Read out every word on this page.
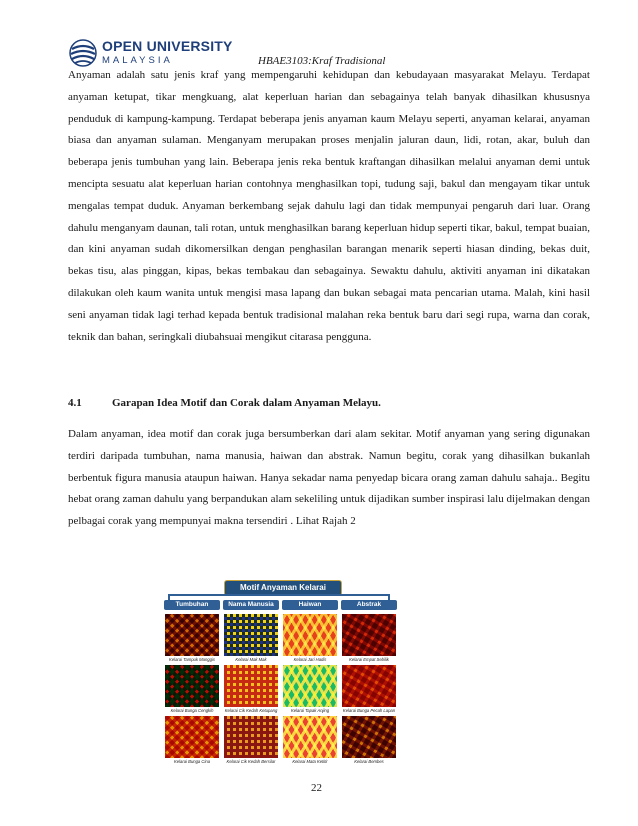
OPEN UNIVERSITY
MALAYSIA	HBAE3103:Kraf Tradisional

Anyaman adalah satu jenis kraf yang mempengaruhi kehidupan dan kebudayaan masyarakat Melayu. Terdapat anyaman ketupat, tikar mengkuang, alat keperluan harian dan sebagainya telah banyak dihasilkan khususnya penduduk di kampung-kampung. Terdapat beberapa jenis anyaman kaum Melayu seperti, anyaman kelarai, anyaman biasa dan anyaman sulaman. Menganyam merupakan proses menjalin jaluran daun, lidi, rotan, akar, buluh dan beberapa jenis tumbuhan yang lain. Beberapa jenis reka bentuk kraftangan dihasilkan melalui anyaman demi untuk mencipta sesuatu alat keperluan harian contohnya menghasilkan topi, tudung saji, bakul dan mengayam tikar untuk mengalas tempat duduk. Anyaman berkembang sejak dahulu lagi dan tidak mempunyai pengaruh dari luar. Orang dahulu menganyam daunan, tali rotan, untuk menghasilkan barang keperluan hidup seperti tikar, bakul, tempat buaian, dan kini anyaman sudah dikomersilkan dengan penghasilan barangan menarik seperti hiasan dinding, bekas duit, bekas tisu, alas pinggan, kipas, bekas tembakau dan sebagainya. Sewaktu dahulu, aktiviti anyaman ini dikatakan dilakukan oleh kaum wanita untuk mengisi masa lapang dan bukan sebagai mata pencarian utama. Malah, kini hasil seni anyaman tidak lagi terhad kepada bentuk tradisional malahan reka bentuk baru dari segi rupa, warna dan corak, teknik dan bahan, seringkali diubahsuai mengikut citarasa pengguna.

4.1	Garapan Idea Motif dan Corak dalam Anyaman Melayu.

Dalam anyaman, idea motif dan corak juga bersumberkan dari alam sekitar. Motif anyaman yang sering digunakan terdiri daripada tumbuhan, nama manusia, haiwan dan abstrak. Namun begitu, corak yang dihasilkan bukanlah berbentuk figura manusia ataupun haiwan. Hanya sekadar nama penyedap bicara orang zaman dahulu sahaja.. Begitu hebat orang zaman dahulu yang berpandukan alam sekeliling untuk dijadikan sumber inspirasi lalu dijelmakan dengan pelbagai corak yang mempunyai makna tersendiri . Lihat Rajah 2

Motif Anyaman Kelarai
Tumbuhan	Nama Manusia	Haiwan	Abstrak
Kelarai Tampuk Manggis	Kelarai Mak Mak	Kelarai Jari Hadis	Kelarai Empat Sebilik
Kelarai Bunga Cengkih	Kelarai Cik Kedah Ketupang	Kelarai Tapak Anjing	Kelarai Bunga Pecah Lapan
Kelarai Bunga Cina	Kelarai Cik Kedah Bersilar	Kelarai Mata Ketitir	Kelarai Bembes
22
